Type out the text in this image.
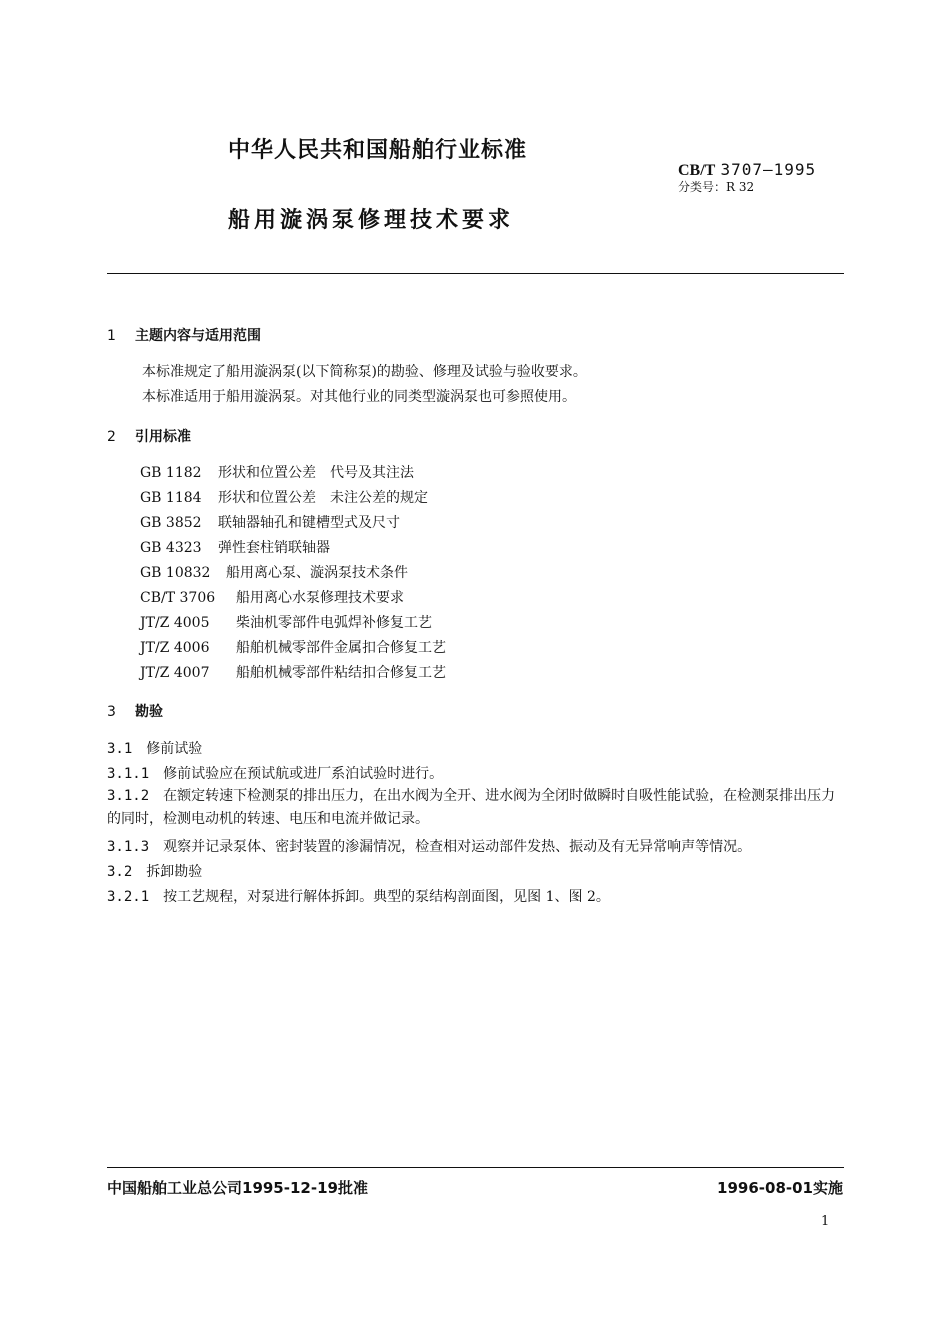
中华人民共和国船舶行业标准
CB/T 3707—1995
分类号：R 32
船用漩涡泵修理技术要求
1 主题内容与适用范围
本标准规定了船用漩涡泵(以下简称泵)的勘验、修理及试验与验收要求。
本标准适用于船用漩涡泵。对其他行业的同类型漩涡泵也可参照使用。
2 引用标准
GB 1182 形状和位置公差　代号及其注法
GB 1184 形状和位置公差　未注公差的规定
GB 3852 联轴器轴孔和键槽型式及尺寸
GB 4323 弹性套柱销联轴器
GB 10832 船用离心泵、漩涡泵技术条件
CB/T 3706 船用离心水泵修理技术要求
JT/Z 4005 柴油机零部件电弧焊补修复工艺
JT/Z 4006 船舶机械零部件金属扣合修复工艺
JT/Z 4007 船舶机械零部件粘结扣合修复工艺
3 勘验
3.1 修前试验
3.1.1 修前试验应在预试航或进厂系泊试验时进行。
3.1.2 在额定转速下检测泵的排出压力，在出水阀为全开、进水阀为全闭时做瞬时自吸性能试验，在检测泵排出压力的同时，检测电动机的转速、电压和电流并做记录。
3.1.3 观察并记录泵体、密封装置的渗漏情况，检查相对运动部件发热、振动及有无异常响声等情况。
3.2 拆卸勘验
3.2.1 按工艺规程，对泵进行解体拆卸。典型的泵结构剖面图，见图 1、图 2。
中国船舶工业总公司1995-12-19批准	1996-08-01实施
1
